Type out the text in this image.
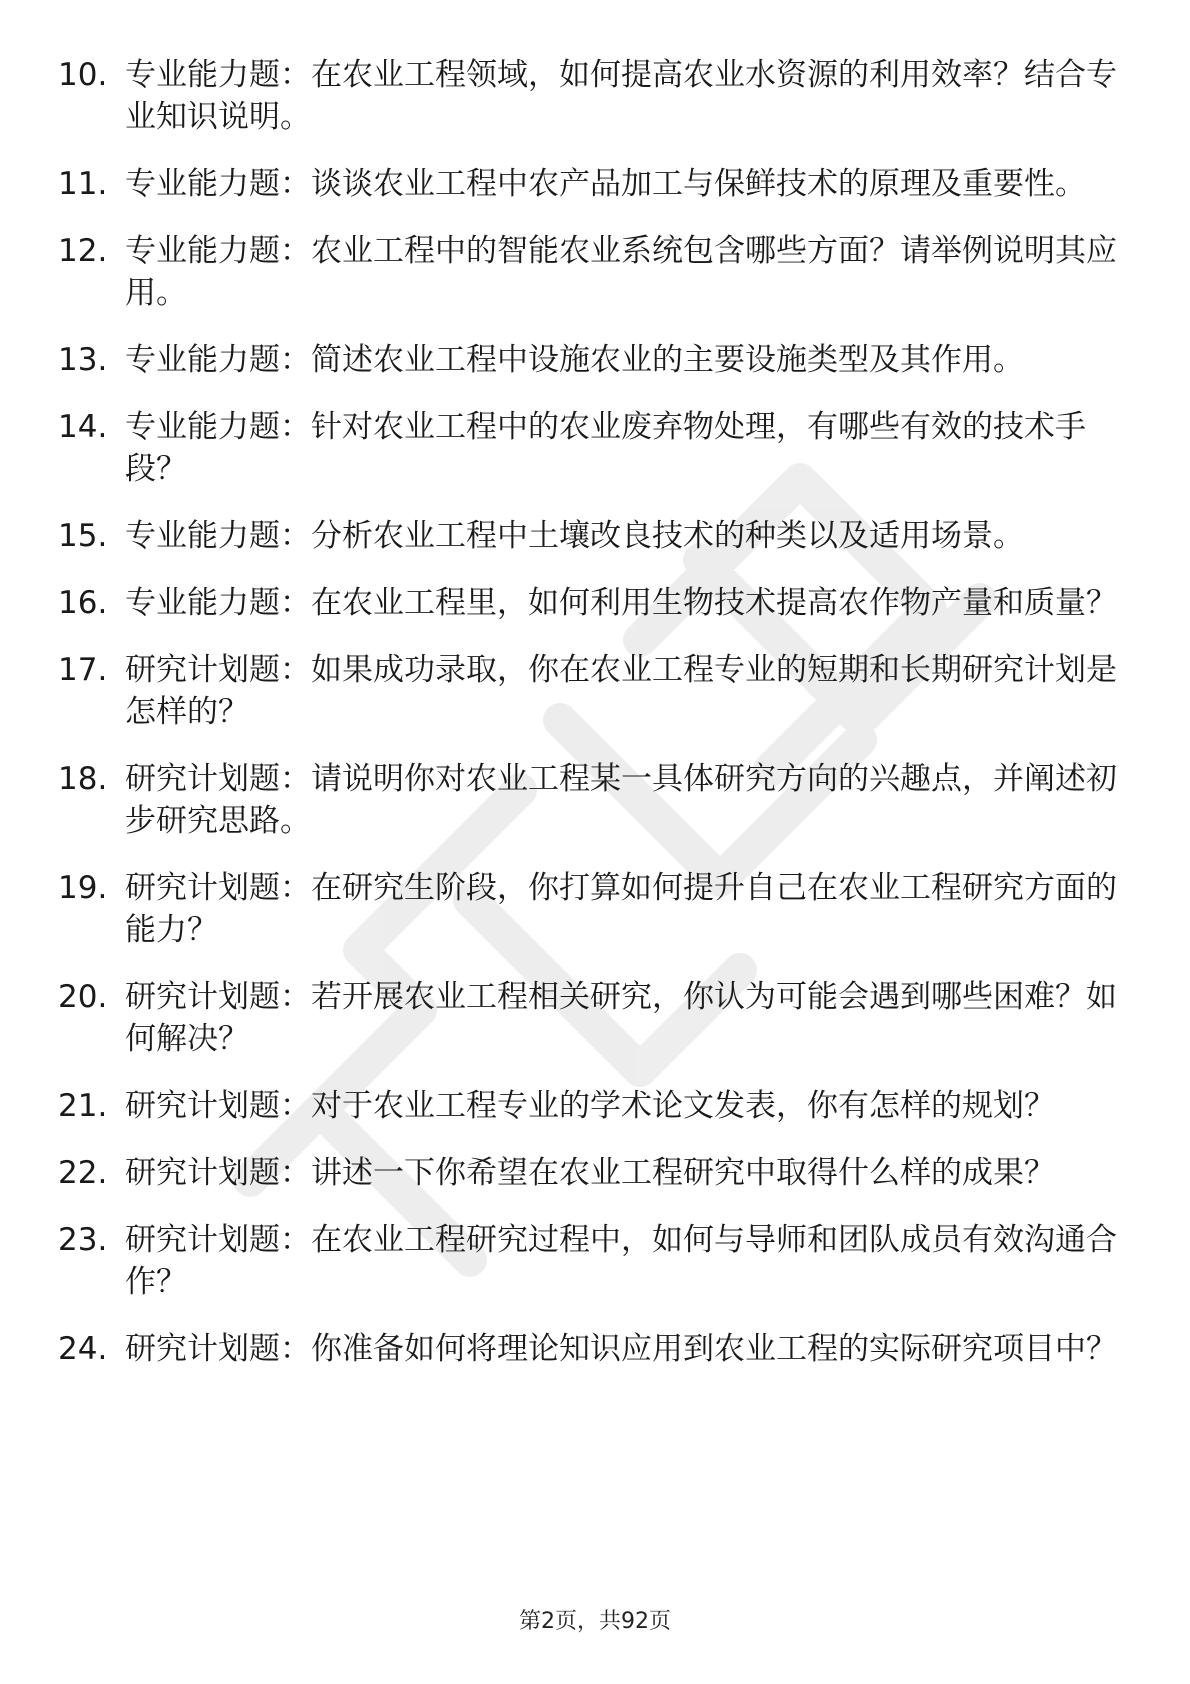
10. 专业能力题：在农业工程领域，如何提高农业水资源的利用效率？结合专业知识说明。
11. 专业能力题：谈谈农业工程中农产品加工与保鲜技术的原理及重要性。
12. 专业能力题：农业工程中的智能农业系统包含哪些方面？请举例说明其应用。
13. 专业能力题：简述农业工程中设施农业的主要设施类型及其作用。
14. 专业能力题：针对农业工程中的农业废弃物处理，有哪些有效的技术手段？
15. 专业能力题：分析农业工程中土壤改良技术的种类以及适用场景。
16. 专业能力题：在农业工程里，如何利用生物技术提高农作物产量和质量？
17. 研究计划题：如果成功录取，你在农业工程专业的短期和长期研究计划是怎样的？
18. 研究计划题：请说明你对农业工程某一具体研究方向的兴趣点，并阐述初步研究思路。
19. 研究计划题：在研究生阶段，你打算如何提升自己在农业工程研究方面的能力？
20. 研究计划题：若开展农业工程相关研究，你认为可能会遇到哪些困难？如何解决？
21. 研究计划题：对于农业工程专业的学术论文发表，你有怎样的规划？
22. 研究计划题：讲述一下你希望在农业工程研究中取得什么样的成果？
23. 研究计划题：在农业工程研究过程中，如何与导师和团队成员有效沟通合作？
24. 研究计划题：你准备如何将理论知识应用到农业工程的实际研究项目中？
第2页，共92页
